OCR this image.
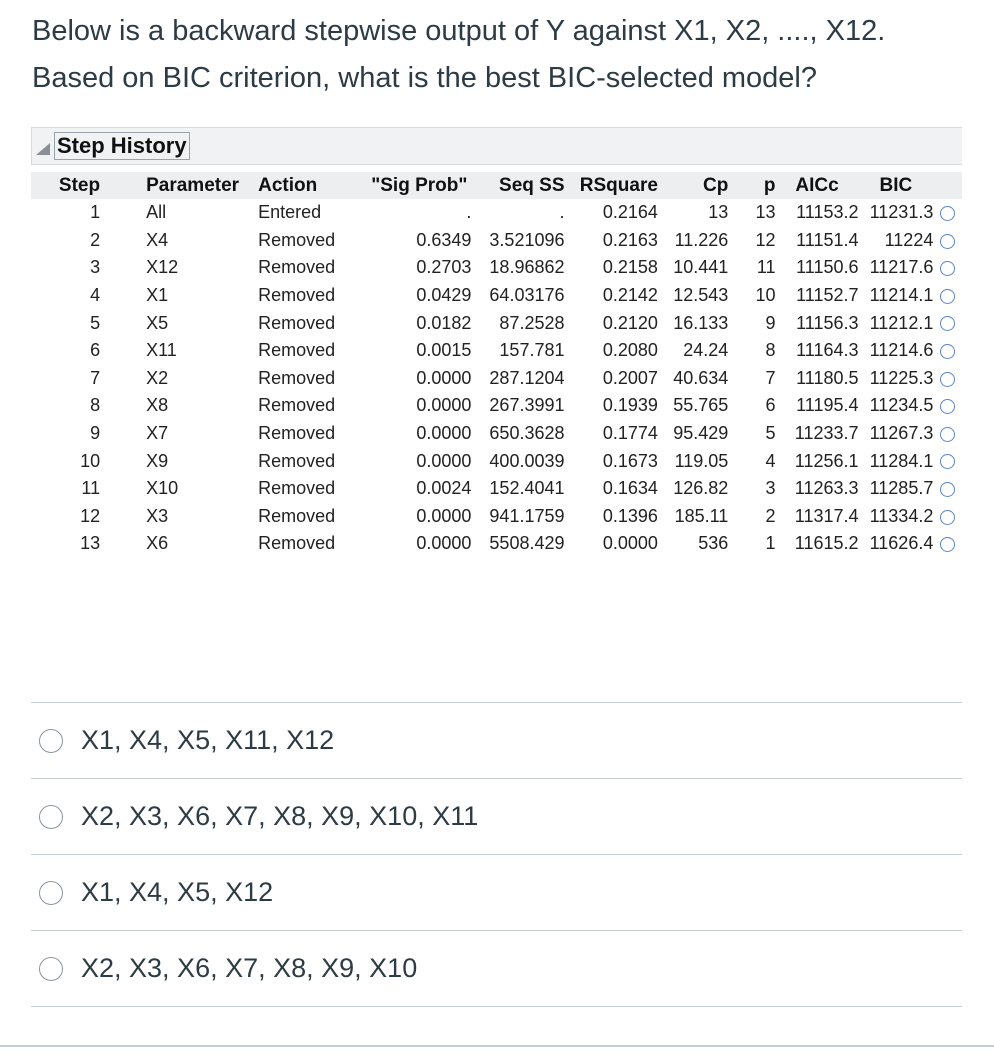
Below is a backward stepwise output of Y against X1, X2, ...., X12.

Based on BIC criterion, what is the best BIC-selected model?

Step History
Step	Parameter	Action	"Sig Prob"	Seq SS	RSquare	Cp	p	AICc	BIC	
1	All	Entered	.	.	0.2164	13	13	11153.2	11231.3	
2	X4	Removed	0.6349	3.521096	0.2163	11.226	12	11151.4	11224	
3	X12	Removed	0.2703	18.96862	0.2158	10.441	11	11150.6	11217.6	
4	X1	Removed	0.0429	64.03176	0.2142	12.543	10	11152.7	11214.1	
5	X5	Removed	0.0182	87.2528	0.2120	16.133	9	11156.3	11212.1	
6	X11	Removed	0.0015	157.781	0.2080	24.24	8	11164.3	11214.6	
7	X2	Removed	0.0000	287.1204	0.2007	40.634	7	11180.5	11225.3	
8	X8	Removed	0.0000	267.3991	0.1939	55.765	6	11195.4	11234.5	
9	X7	Removed	0.0000	650.3628	0.1774	95.429	5	11233.7	11267.3	
10	X9	Removed	0.0000	400.0039	0.1673	119.05	4	11256.1	11284.1	
11	X10	Removed	0.0024	152.4041	0.1634	126.82	3	11263.3	11285.7	
12	X3	Removed	0.0000	941.1759	0.1396	185.11	2	11317.4	11334.2	
13	X6	Removed	0.0000	5508.429	0.0000	536	1	11615.2	11626.4	
X1, X4, X5, X11, X12
X2, X3, X6, X7, X8, X9, X10, X11
X1, X4, X5, X12
X2, X3, X6, X7, X8, X9, X10
